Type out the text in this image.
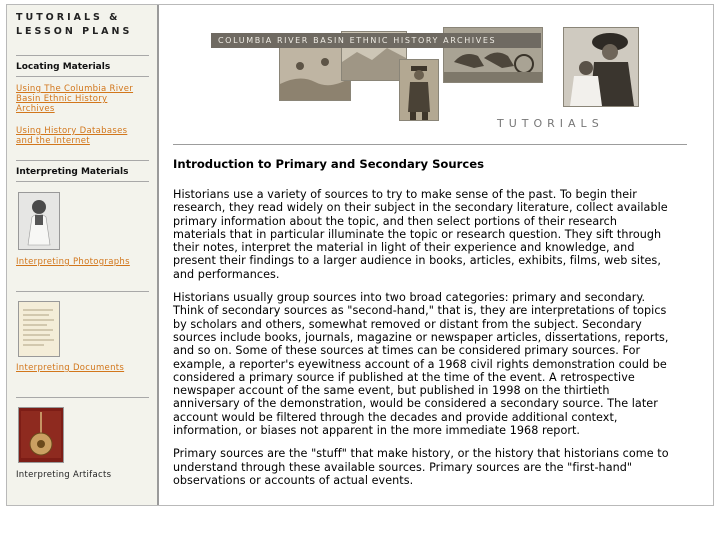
TUTORIALS &
LESSON PLANS
Locating Materials
Using The Columbia River Basin Ethnic History Archives
Using History Databases and the Internet
Interpreting Materials
Interpreting Photographs
Interpreting Documents
Interpreting Artifacts
COLUMBIA RIVER BASIN ETHNIC HISTORY ARCHIVES
TUTORIALS
Introduction to Primary and Secondary Sources

Historians use a variety of sources to try to make sense of the past. To begin their research, they read widely on their subject in the secondary literature, collect available primary information about the topic, and then select portions of their research materials that in particular illuminate the topic or research question. They sift through their notes, interpret the material in light of their experience and knowledge, and present their findings to a larger audience in books, articles, exhibits, films, web sites, and performances.

Historians usually group sources into two broad categories: primary and secondary. Think of secondary sources as "second-hand," that is, they are interpretations of topics by scholars and others, somewhat removed or distant from the subject. Secondary sources include books, journals, magazine or newspaper articles, dissertations, reports, and so on. Some of these sources at times can be considered primary sources. For example, a reporter's eyewitness account of a 1968 civil rights demonstration could be considered a primary source if published at the time of the event. A retrospective newspaper account of the same event, but published in 1998 on the thirtieth anniversary of the demonstration, would be considered a secondary source. The later account would be filtered through the decades and provide additional context, information, or biases not apparent in the more immediate 1968 report.

Primary sources are the "stuff" that make history, or the history that historians come to understand through these available sources. Primary sources are the "first-hand" observations or accounts of actual events.
